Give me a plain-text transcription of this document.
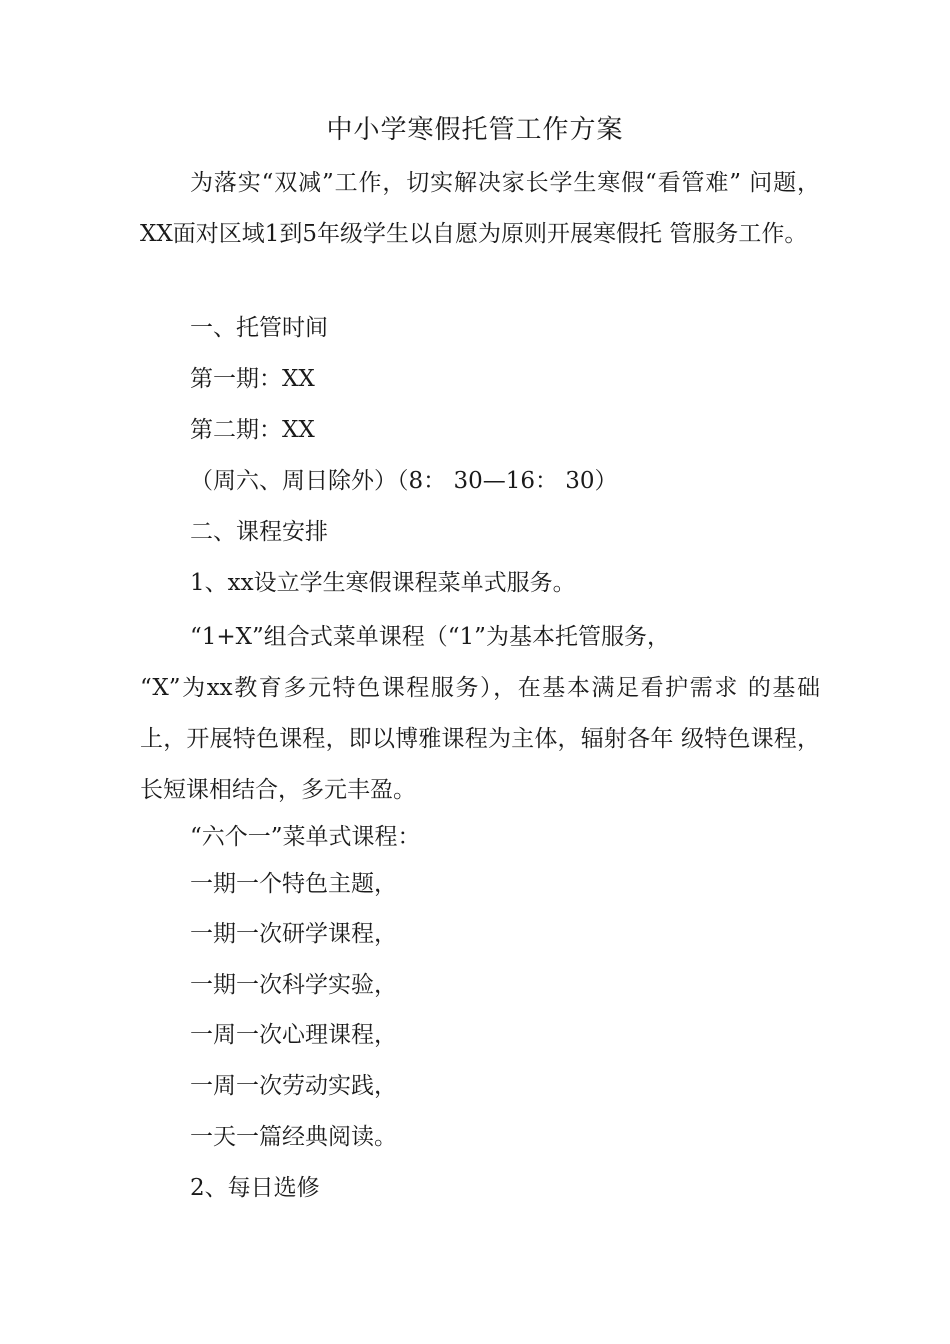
中小学寒假托管工作方案

为落实“双减”工作，切实解决家长学生寒假“看管难” 问题，XX面对区域1到5年级学生以自愿为原则开展寒假托 管服务工作。

一、托管时间

第一期：XX

第二期：XX

（周六、周日除外）（8： 30—16： 30）

二、课程安排

1、xx设立学生寒假课程菜单式服务。

“1+X”组合式菜单课程（“1”为基本托管服务，
“X”为xx教育多元特色课程服务），在基本满足看护需求 的基础上，开展特色课程，即以博雅课程为主体，辐射各年 级特色课程，长短课相结合，多元丰盈。

“六个一”菜单式课程：

一期一个特色主题，

一期一次研学课程，

一期一次科学实验，

一周一次心理课程，

一周一次劳动实践，

一天一篇经典阅读。

2、每日选修
